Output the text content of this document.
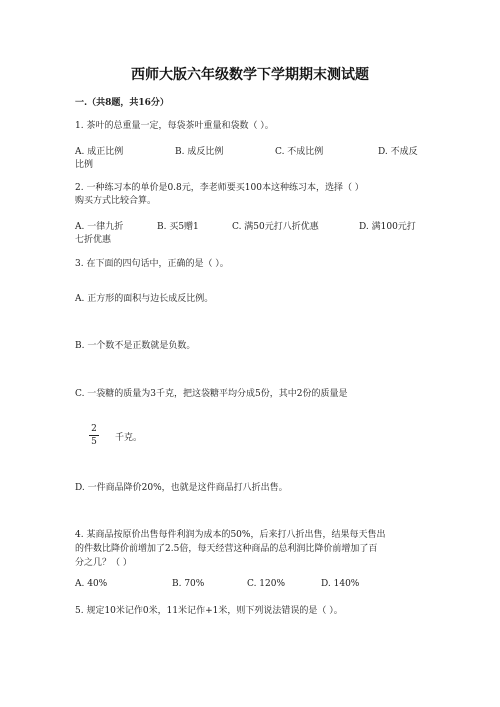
西师大版六年级数学下学期期末测试题
一.（共8题，共16分）
1. 茶叶的总重量一定，每袋茶叶重量和袋数（ ）。
A. 成正比例	B. 成反比例	C. 不成比例	D. 不成反
比例
2. 一种练习本的单价是0.8元，李老师要买100本这种练习本，选择（ ）
购买方式比较合算。
A. 一律九折	B. 买5赠1	C. 满50元打八折优惠	D. 满100元打
七折优惠
3. 在下面的四句话中，正确的是（ ）。
A. 正方形的面积与边长成反比例。
B. 一个数不是正数就是负数。
C. 一袋糖的质量为3千克，把这袋糖平均分成5份，其中2份的质量是
2
5 千克。
D. 一件商品降价20%，也就是这件商品打八折出售。
4. 某商品按原价出售每件利润为成本的50%，后来打八折出售，结果每天售出
的件数比降价前增加了2.5倍，每天经营这种商品的总利润比降价前增加了百
分之几？（ ）
A. 40%	B. 70%	C. 120%	D. 140%
5. 规定10米记作0米，11米记作+1米，则下列说法错误的是（ ）。
